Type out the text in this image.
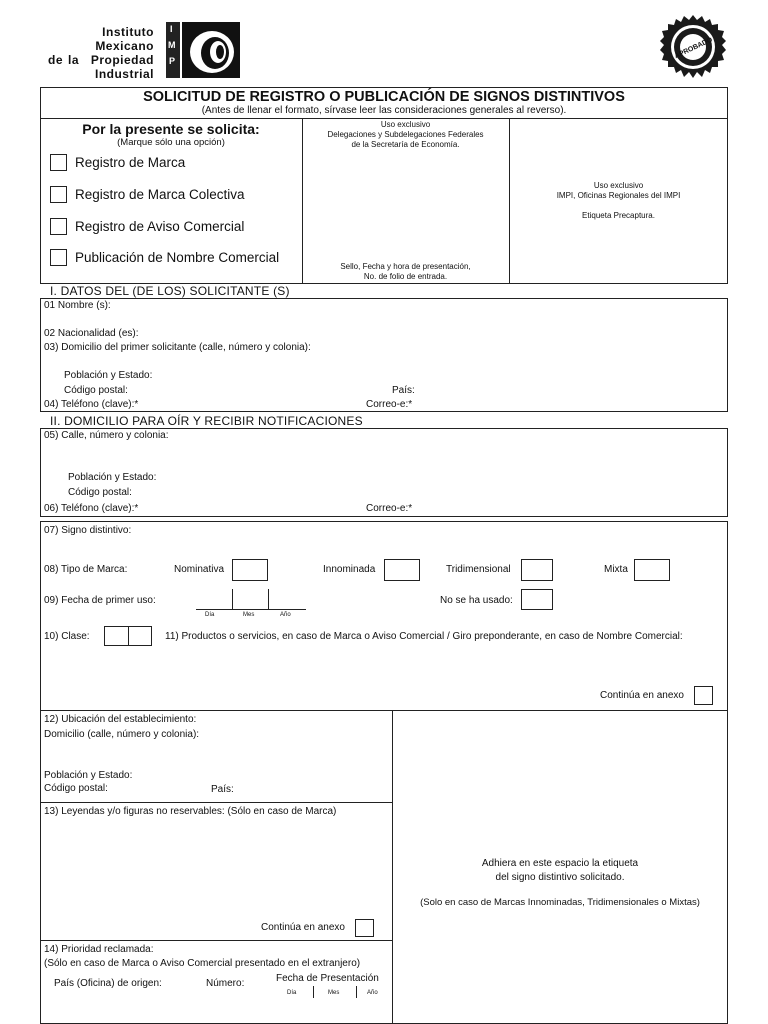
Instituto
Mexicano
Propiedad
Industrial
de la
I
M
P
APROBADO
SOLICITUD DE REGISTRO O PUBLICACIÓN DE SIGNOS DISTINTIVOS
(Antes de llenar el formato, sírvase leer las consideraciones generales al reverso).
Por la presente se solicita:
(Marque sólo una opción)
Registro de Marca
Registro de Marca Colectiva
Registro de Aviso Comercial
Publicación de Nombre Comercial
Uso exclusivo
Delegaciones y Subdelegaciones Federales
de la Secretaría de Economía.
Sello, Fecha y hora de presentación,
No. de folio de entrada.
Uso exclusivo
IMPI, Oficinas Regionales del IMPI
Etiqueta Precaptura.
I. DATOS DEL (DE LOS) SOLICITANTE (S)
01 Nombre (s):
02 Nacionalidad (es):
03) Domicilio del primer solicitante (calle, número y colonia):
Población y Estado:
Código postal:	País:
04) Teléfono (clave):*	Correo-e:*
II. DOMICILIO PARA OÍR Y RECIBIR NOTIFICACIONES
05) Calle, número y colonia:
Población y Estado:
Código postal:
06) Teléfono (clave):*	Correo-e:*
07) Signo distintivo:
08) Tipo de Marca:	Nominativa	Innominada	Tridimensional	Mixta
09) Fecha de primer uso:
Día	Mes	Año
No se ha usado:
10) Clase:	11) Productos o servicios, en caso de Marca o Aviso Comercial / Giro preponderante, en caso de Nombre Comercial:
Continúa en anexo
12) Ubicación del establecimiento:
Domicilio (calle, número y colonia):
Población y Estado:
Código postal:	País:
13) Leyendas y/o figuras no reservables: (Sólo en caso de Marca)
Continúa en anexo
Adhiera en este espacio la etiqueta
del signo distintivo solicitado.
(Solo en caso de Marcas Innominadas, Tridimensionales o Mixtas)
14) Prioridad reclamada:
(Sólo en caso de Marca o Aviso Comercial presentado en el extranjero)
País (Oficina) de origen:	Número:	Fecha de Presentación
Día	Mes	Año
